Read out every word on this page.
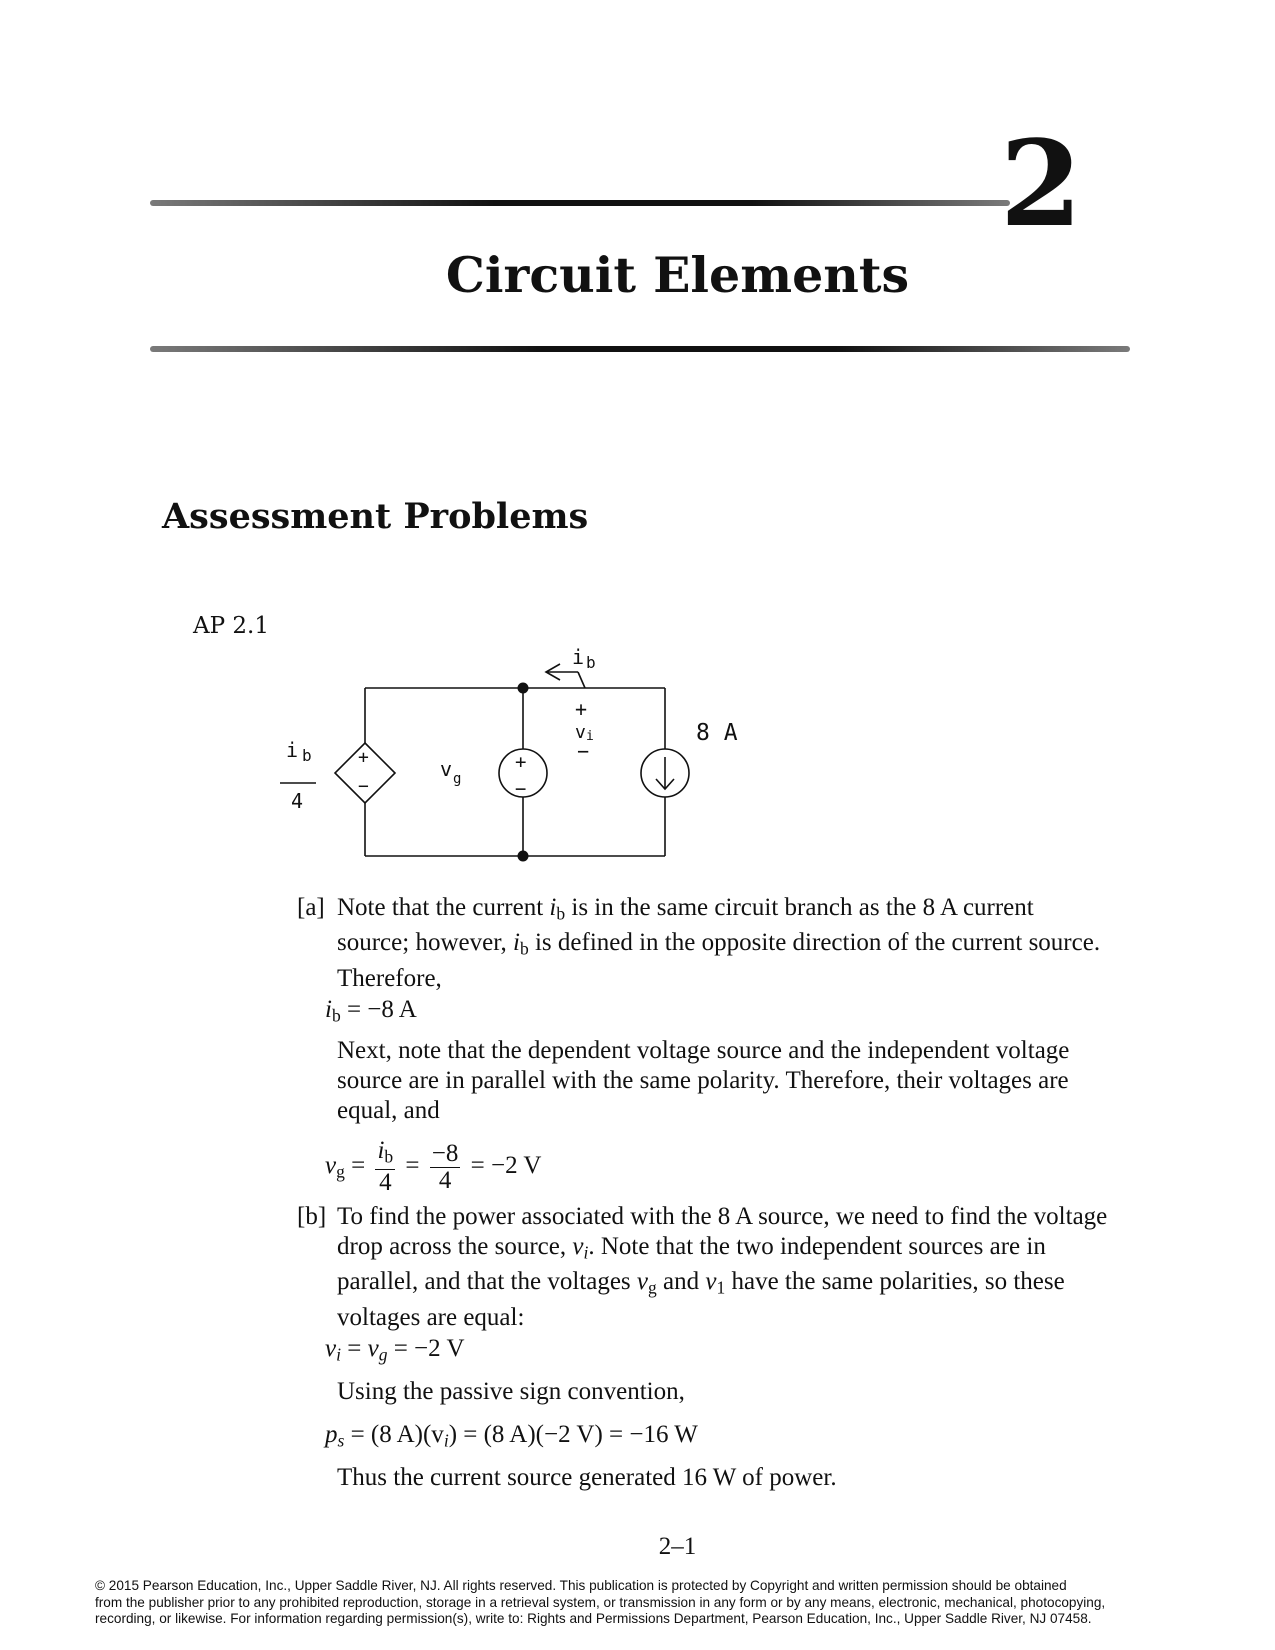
2
Circuit Elements
Assessment Problems
AP 2.1
i b
i b
4
+
−
v g
+
−
+
v i
−
8 A
[a] Note that the current $i_b$ is in the same circuit branch as the 8 A current source; however, $i_b$ is defined in the opposite direction of the current source. Therefore,
$i_b = -8$ A
Next, note that the dependent voltage source and the independent voltage source are in parallel with the same polarity. Therefore, their voltages are equal, and
$v_g = \frac{i_b}{4} = \frac{-8}{4} = -2$ V
[b] To find the power associated with the 8 A source, we need to find the voltage drop across the source, $v_i$. Note that the two independent sources are in parallel, and that the voltages $v_g$ and $v_1$ have the same polarities, so these voltages are equal:
$v_i = v_g = -2$ V
Using the passive sign convention,
$p_s = (8$ $A)(v_i) = (8$ A)(−2 V) = −16 W
Thus the current source generated 16 W of power.
2–1
© 2015 Pearson Education, Inc., Upper Saddle River, NJ. All rights reserved. This publication is protected by Copyright and written permission should be obtained
from the publisher prior to any prohibited reproduction, storage in a retrieval system, or transmission in any form or by any means, electronic, mechanical, photocopying,
recording, or likewise. For information regarding permission(s), write to: Rights and Permissions Department, Pearson Education, Inc., Upper Saddle River, NJ 07458.
